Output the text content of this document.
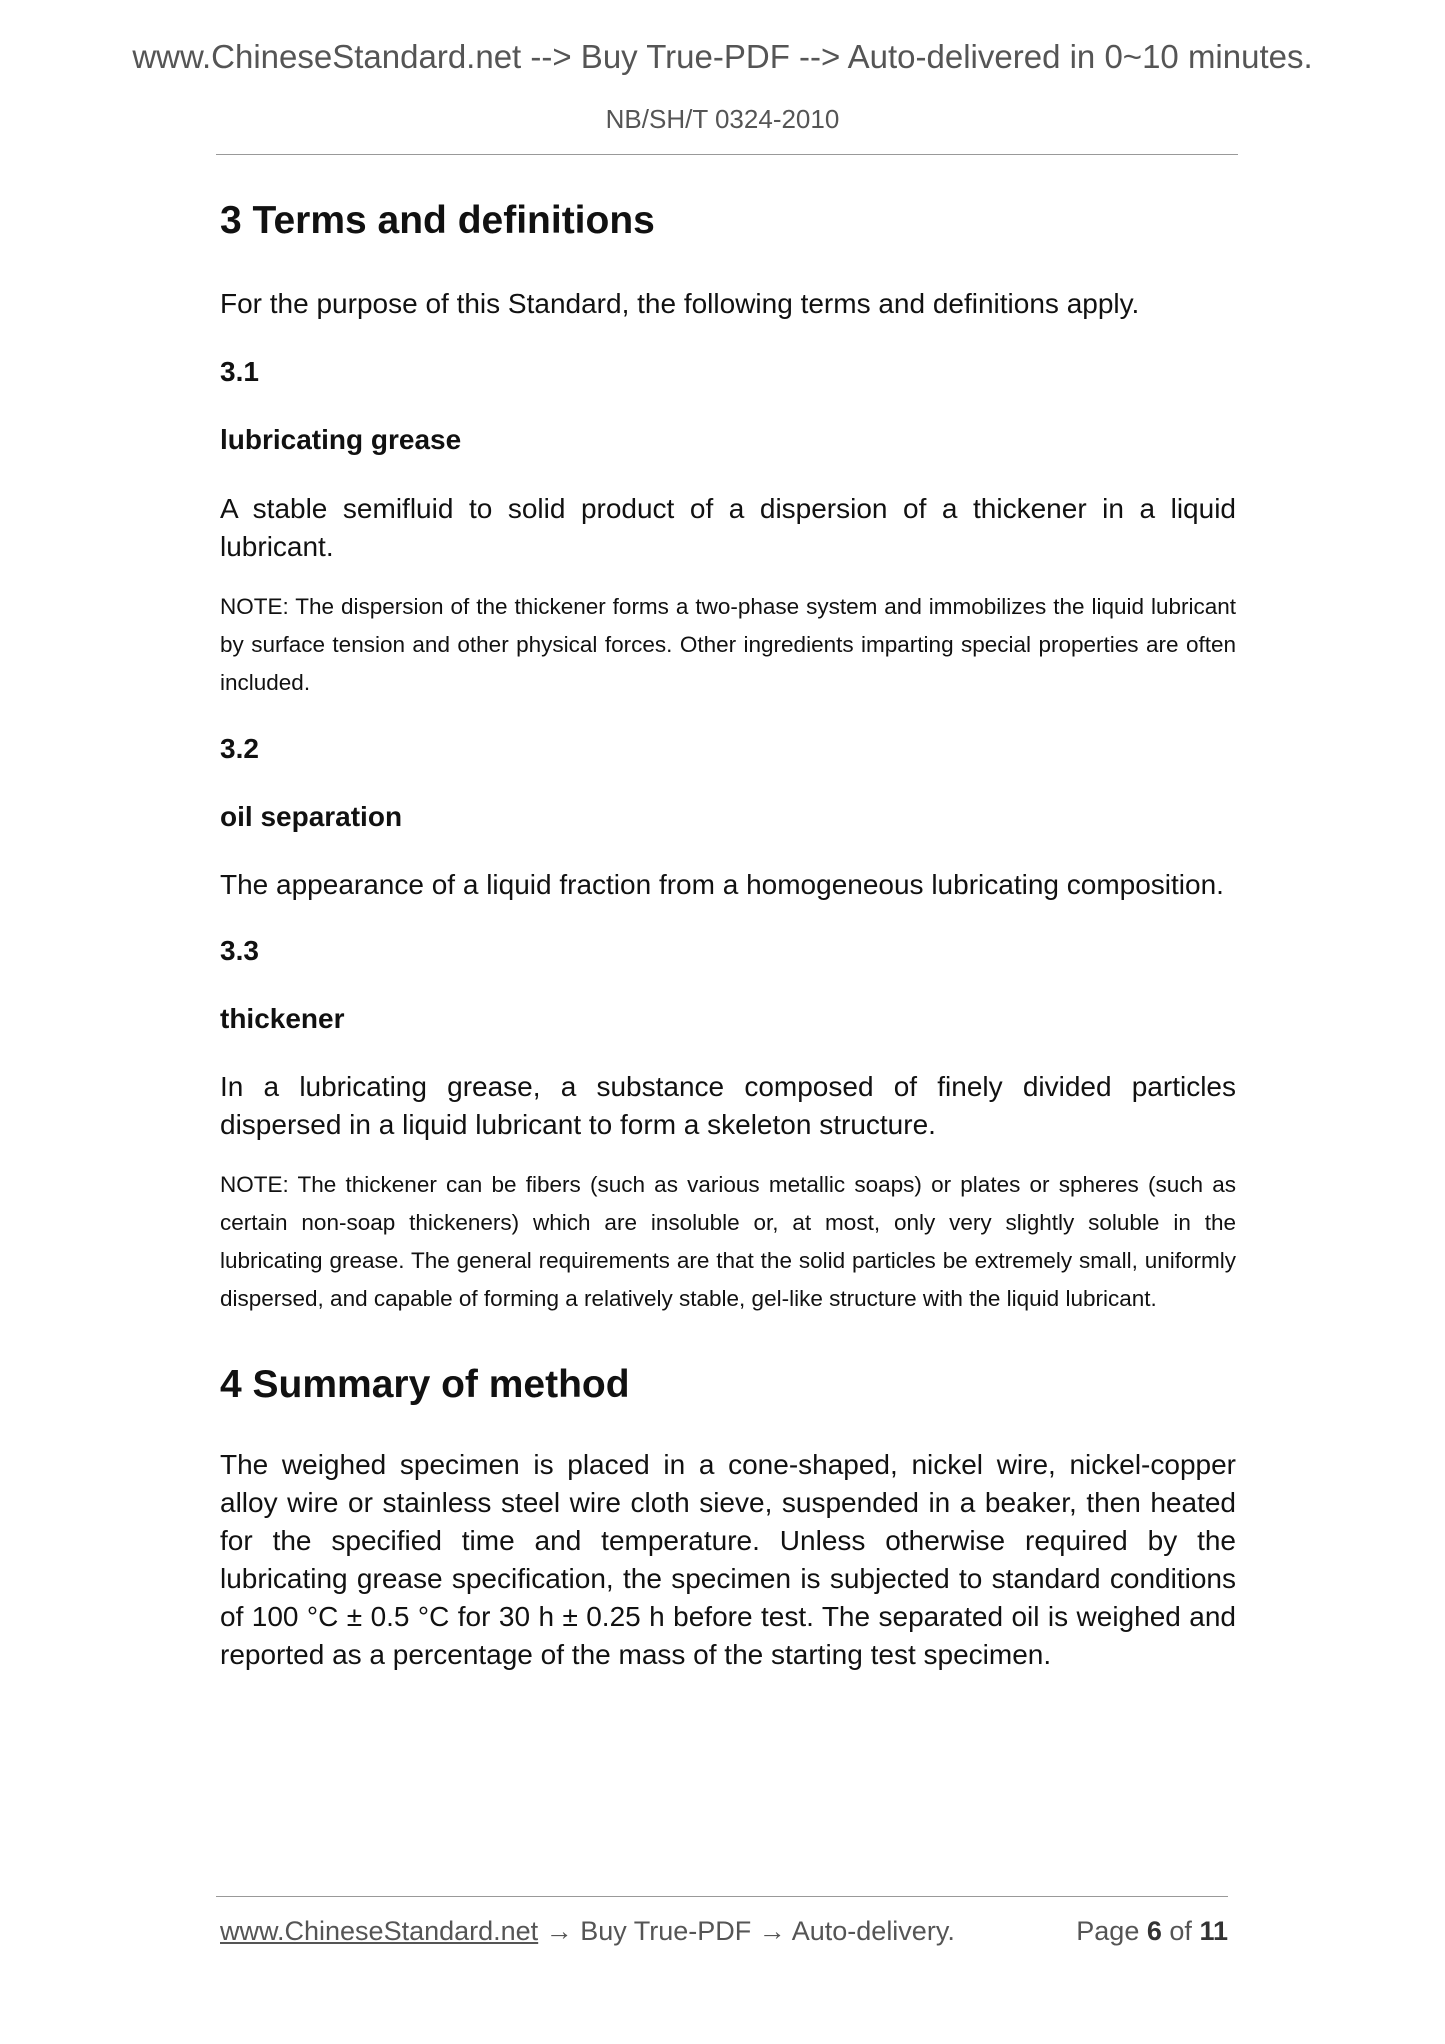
www.ChineseStandard.net --> Buy True-PDF --> Auto-delivered in 0~10 minutes.
NB/SH/T 0324-2010
3 Terms and definitions

For the purpose of this Standard, the following terms and definitions apply.

3.1

lubricating grease

A stable semifluid to solid product of a dispersion of a thickener in a liquid lubricant.

NOTE: The dispersion of the thickener forms a two-phase system and immobilizes the liquid lubricant by surface tension and other physical forces. Other ingredients imparting special properties are often included.

3.2

oil separation

The appearance of a liquid fraction from a homogeneous lubricating composition.

3.3

thickener

In a lubricating grease, a substance composed of finely divided particles dispersed in a liquid lubricant to form a skeleton structure.

NOTE: The thickener can be fibers (such as various metallic soaps) or plates or spheres (such as certain non-soap thickeners) which are insoluble or, at most, only very slightly soluble in the lubricating grease. The general requirements are that the solid particles be extremely small, uniformly dispersed, and capable of forming a relatively stable, gel-like structure with the liquid lubricant.

4 Summary of method

The weighed specimen is placed in a cone-shaped, nickel wire, nickel-copper alloy wire or stainless steel wire cloth sieve, suspended in a beaker, then heated for the specified time and temperature. Unless otherwise required by the lubricating grease specification, the specimen is subjected to standard conditions of 100 °C ± 0.5 °C for 30 h ± 0.25 h before test. The separated oil is weighed and reported as a percentage of the mass of the starting test specimen.

www.ChineseStandard.net → Buy True-PDF → Auto-delivery.	Page 6 of 11
